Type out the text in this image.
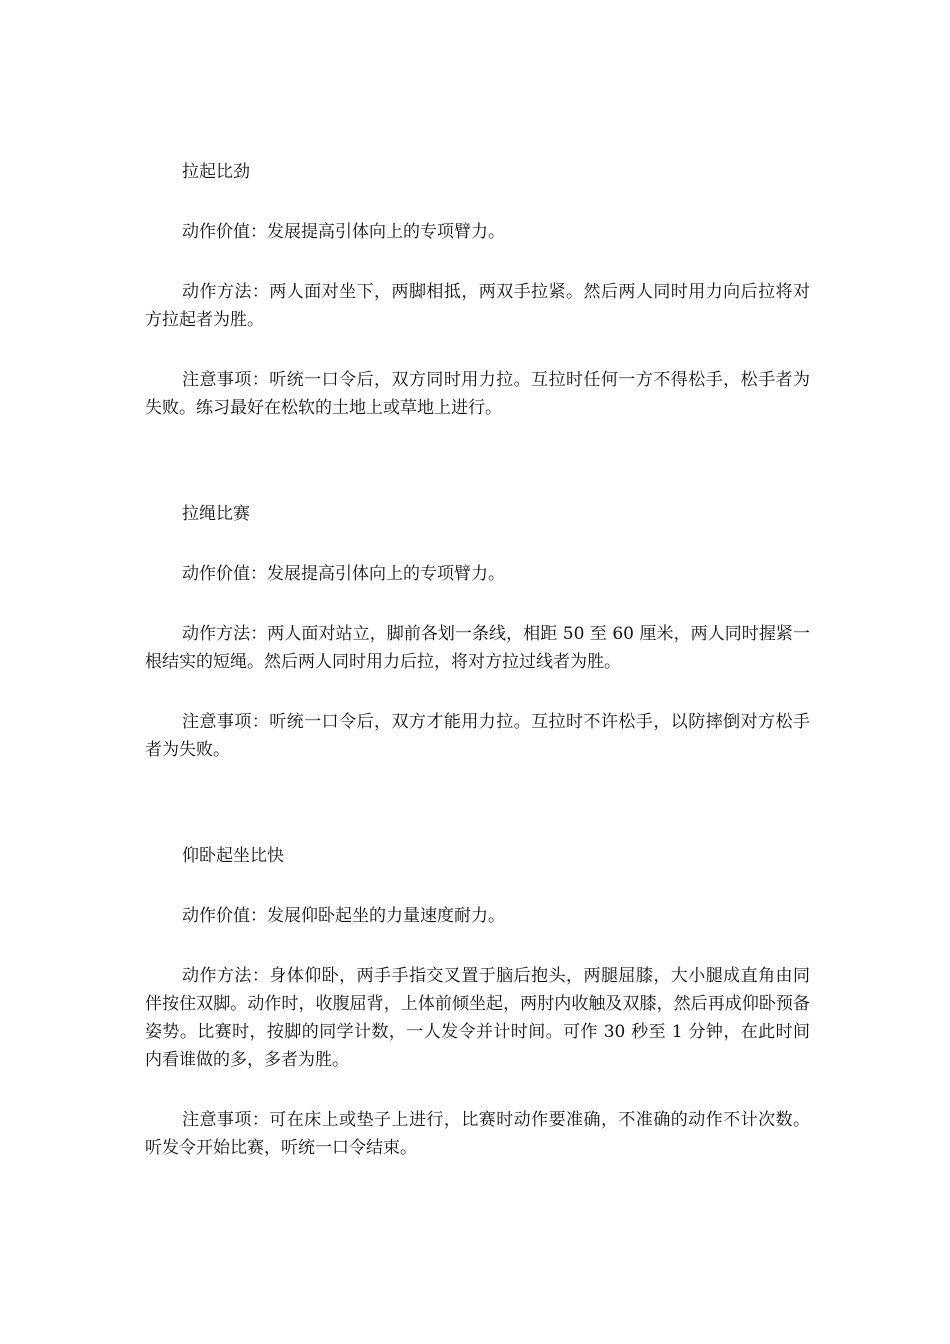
拉起比劲

动作价值：发展提高引体向上的专项臂力。

动作方法：两人面对坐下，两脚相抵，两双手拉紧。然后两人同时用力向后拉将对方拉起者为胜。

注意事项：听统一口令后，双方同时用力拉。互拉时任何一方不得松手，松手者为失败。练习最好在松软的土地上或草地上进行。

拉绳比赛

动作价值：发展提高引体向上的专项臂力。

动作方法：两人面对站立，脚前各划一条线，相距 50 至 60 厘米，两人同时握紧一根结实的短绳。然后两人同时用力后拉，将对方拉过线者为胜。

注意事项：听统一口令后，双方才能用力拉。互拉时不许松手，以防摔倒对方松手者为失败。

仰卧起坐比快

动作价值：发展仰卧起坐的力量速度耐力。

动作方法：身体仰卧，两手手指交叉置于脑后抱头，两腿屈膝，大小腿成直角由同伴按住双脚。动作时，收腹屈背，上体前倾坐起，两肘内收触及双膝，然后再成仰卧预备姿势。比赛时，按脚的同学计数，一人发令并计时间。可作 30 秒至 1 分钟，在此时间内看谁做的多，多者为胜。

注意事项：可在床上或垫子上进行，比赛时动作要准确，不准确的动作不计次数。听发令开始比赛，听统一口令结束。
